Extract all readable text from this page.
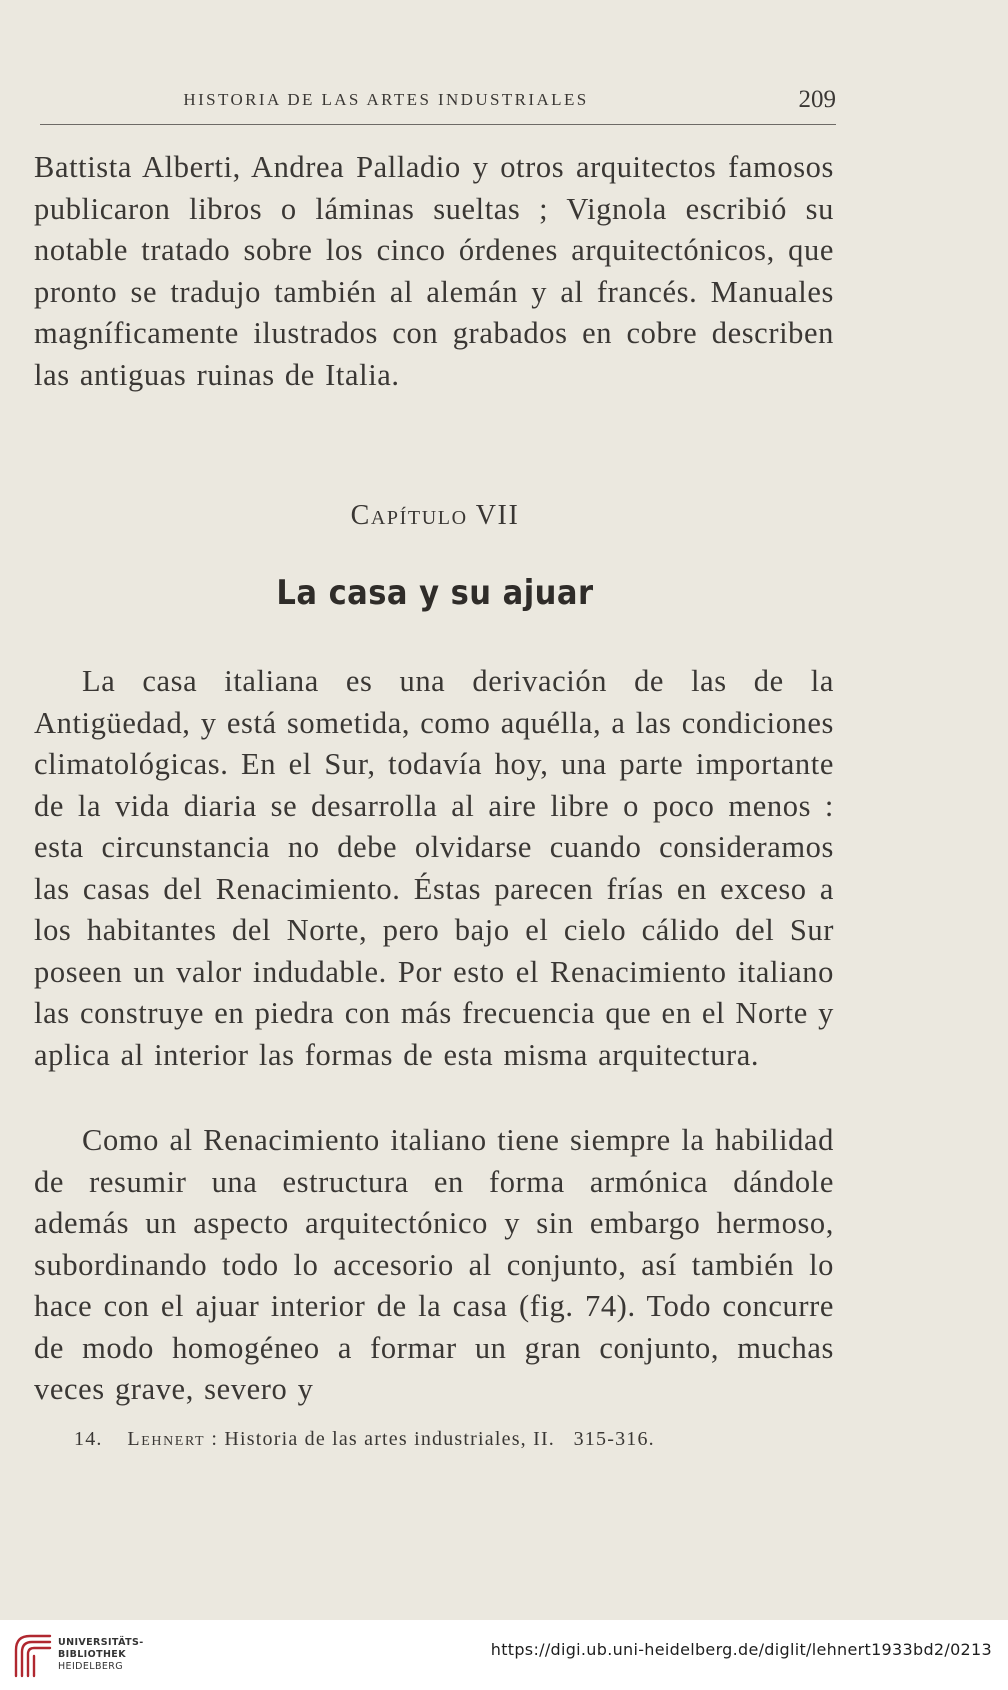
HISTORIA DE LAS ARTES INDUSTRIALES	209

Battista Alberti, Andrea Palladio y otros arquitectos famosos publicaron libros o láminas sueltas ; Vignola escribió su notable tratado sobre los cinco órdenes arquitectónicos, que pronto se tradujo también al alemán y al francés. Manuales magníficamente ilustrados con grabados en cobre describen las antiguas ruinas de Italia.

Capítulo VII
La casa y su ajuar

La casa italiana es una derivación de las de la Antigüedad, y está sometida, como aquélla, a las condiciones climatológicas. En el Sur, todavía hoy, una parte importante de la vida diaria se desarrolla al aire libre o poco menos : esta circunstancia no debe olvidarse cuando consideramos las casas del Renacimiento. Éstas parecen frías en exceso a los habitantes del Norte, pero bajo el cielo cálido del Sur poseen un valor indudable. Por esto el Renacimiento italiano las construye en piedra con más frecuencia que en el Norte y aplica al interior las formas de esta misma arquitectura.

Como al Renacimiento italiano tiene siempre la habilidad de resumir una estructura en forma armónica dándole además un aspecto arquitectónico y sin embargo hermoso, subordinando todo lo accesorio al conjunto, así también lo hace con el ajuar interior de la casa (fig. 74). Todo concurre de modo homogéneo a formar un gran conjunto, muchas veces grave, severo y

14. Lehnert : Historia de las artes industriales, II. 315-316.
UNIVERSITÄTS-
BIBLIOTHEK
HEIDELBERG
https://digi.ub.uni-heidelberg.de/diglit/lehnert1933bd2/0213
